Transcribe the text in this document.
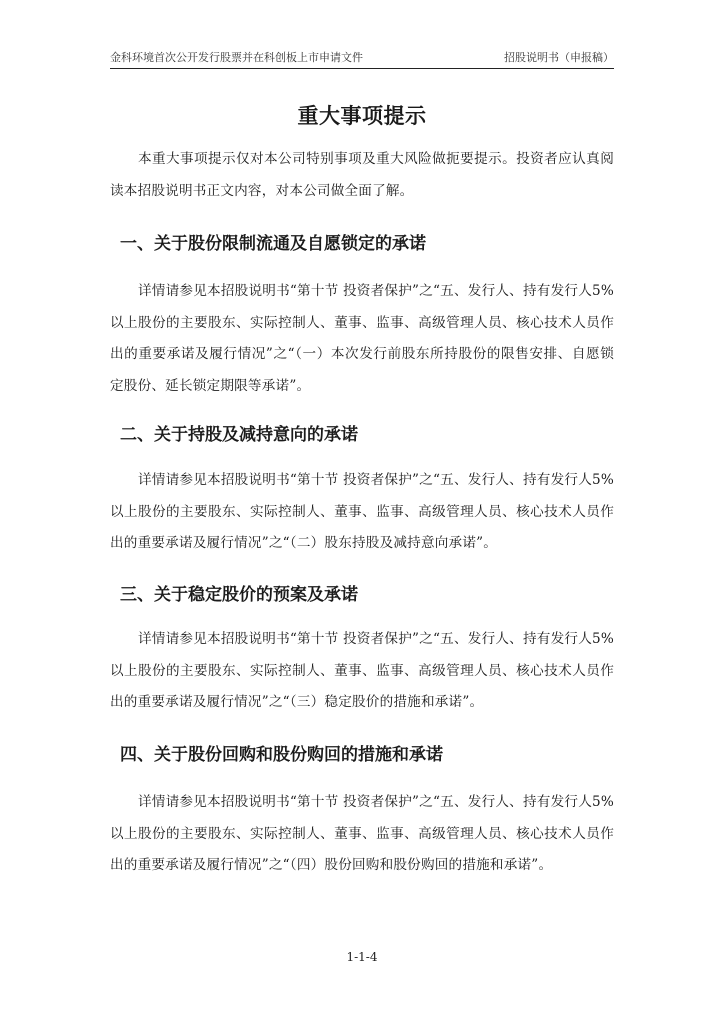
金科环境首次公开发行股票并在科创板上市申请文件	招股说明书（申报稿）
重大事项提示
本重大事项提示仅对本公司特别事项及重大风险做扼要提示。投资者应认真阅读本招股说明书正文内容，对本公司做全面了解。
一、关于股份限制流通及自愿锁定的承诺
详情请参见本招股说明书“第十节 投资者保护”之“五、发行人、持有发行人5%以上股份的主要股东、实际控制人、董事、监事、高级管理人员、核心技术人员作出的重要承诺及履行情况”之“（一）本次发行前股东所持股份的限售安排、自愿锁定股份、延长锁定期限等承诺”。
二、关于持股及减持意向的承诺
详情请参见本招股说明书“第十节 投资者保护”之“五、发行人、持有发行人5%以上股份的主要股东、实际控制人、董事、监事、高级管理人员、核心技术人员作出的重要承诺及履行情况”之“（二）股东持股及减持意向承诺”。
三、关于稳定股价的预案及承诺
详情请参见本招股说明书“第十节 投资者保护”之“五、发行人、持有发行人5%以上股份的主要股东、实际控制人、董事、监事、高级管理人员、核心技术人员作出的重要承诺及履行情况”之“（三）稳定股价的措施和承诺”。
四、关于股份回购和股份购回的措施和承诺
详情请参见本招股说明书“第十节 投资者保护”之“五、发行人、持有发行人5%以上股份的主要股东、实际控制人、董事、监事、高级管理人员、核心技术人员作出的重要承诺及履行情况”之“（四）股份回购和股份购回的措施和承诺”。
1-1-4
